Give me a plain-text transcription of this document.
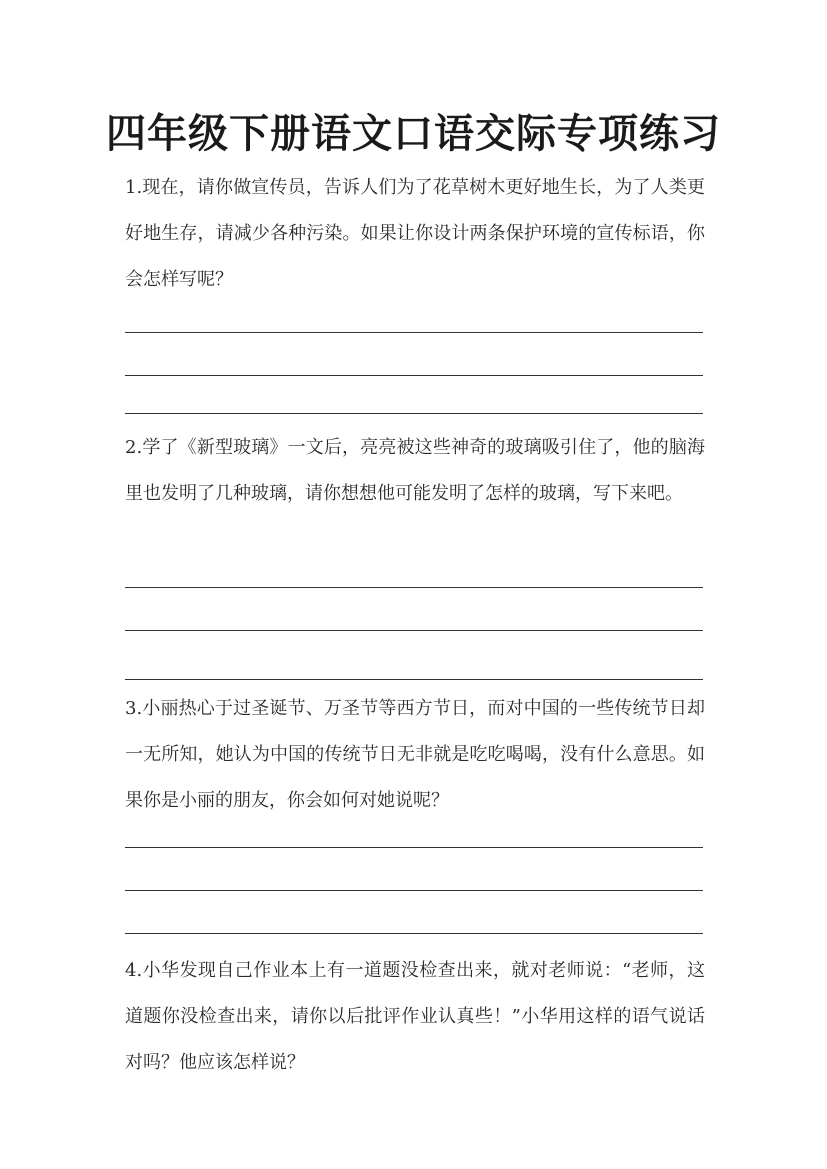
四年级下册语文口语交际专项练习
1.现在，请你做宣传员，告诉人们为了花草树木更好地生长，为了人类更好地生存，请减少各种污染。如果让你设计两条保护环境的宣传标语，你会怎样写呢？
2.学了《新型玻璃》一文后，亮亮被这些神奇的玻璃吸引住了，他的脑海里也发明了几种玻璃，请你想想他可能发明了怎样的玻璃，写下来吧。
3.小丽热心于过圣诞节、万圣节等西方节日，而对中国的一些传统节日却一无所知，她认为中国的传统节日无非就是吃吃喝喝，没有什么意思。如果你是小丽的朋友，你会如何对她说呢？
4.小华发现自己作业本上有一道题没检查出来，就对老师说：“老师，这道题你没检查出来，请你以后批评作业认真些！”小华用这样的语气说话对吗？他应该怎样说？
